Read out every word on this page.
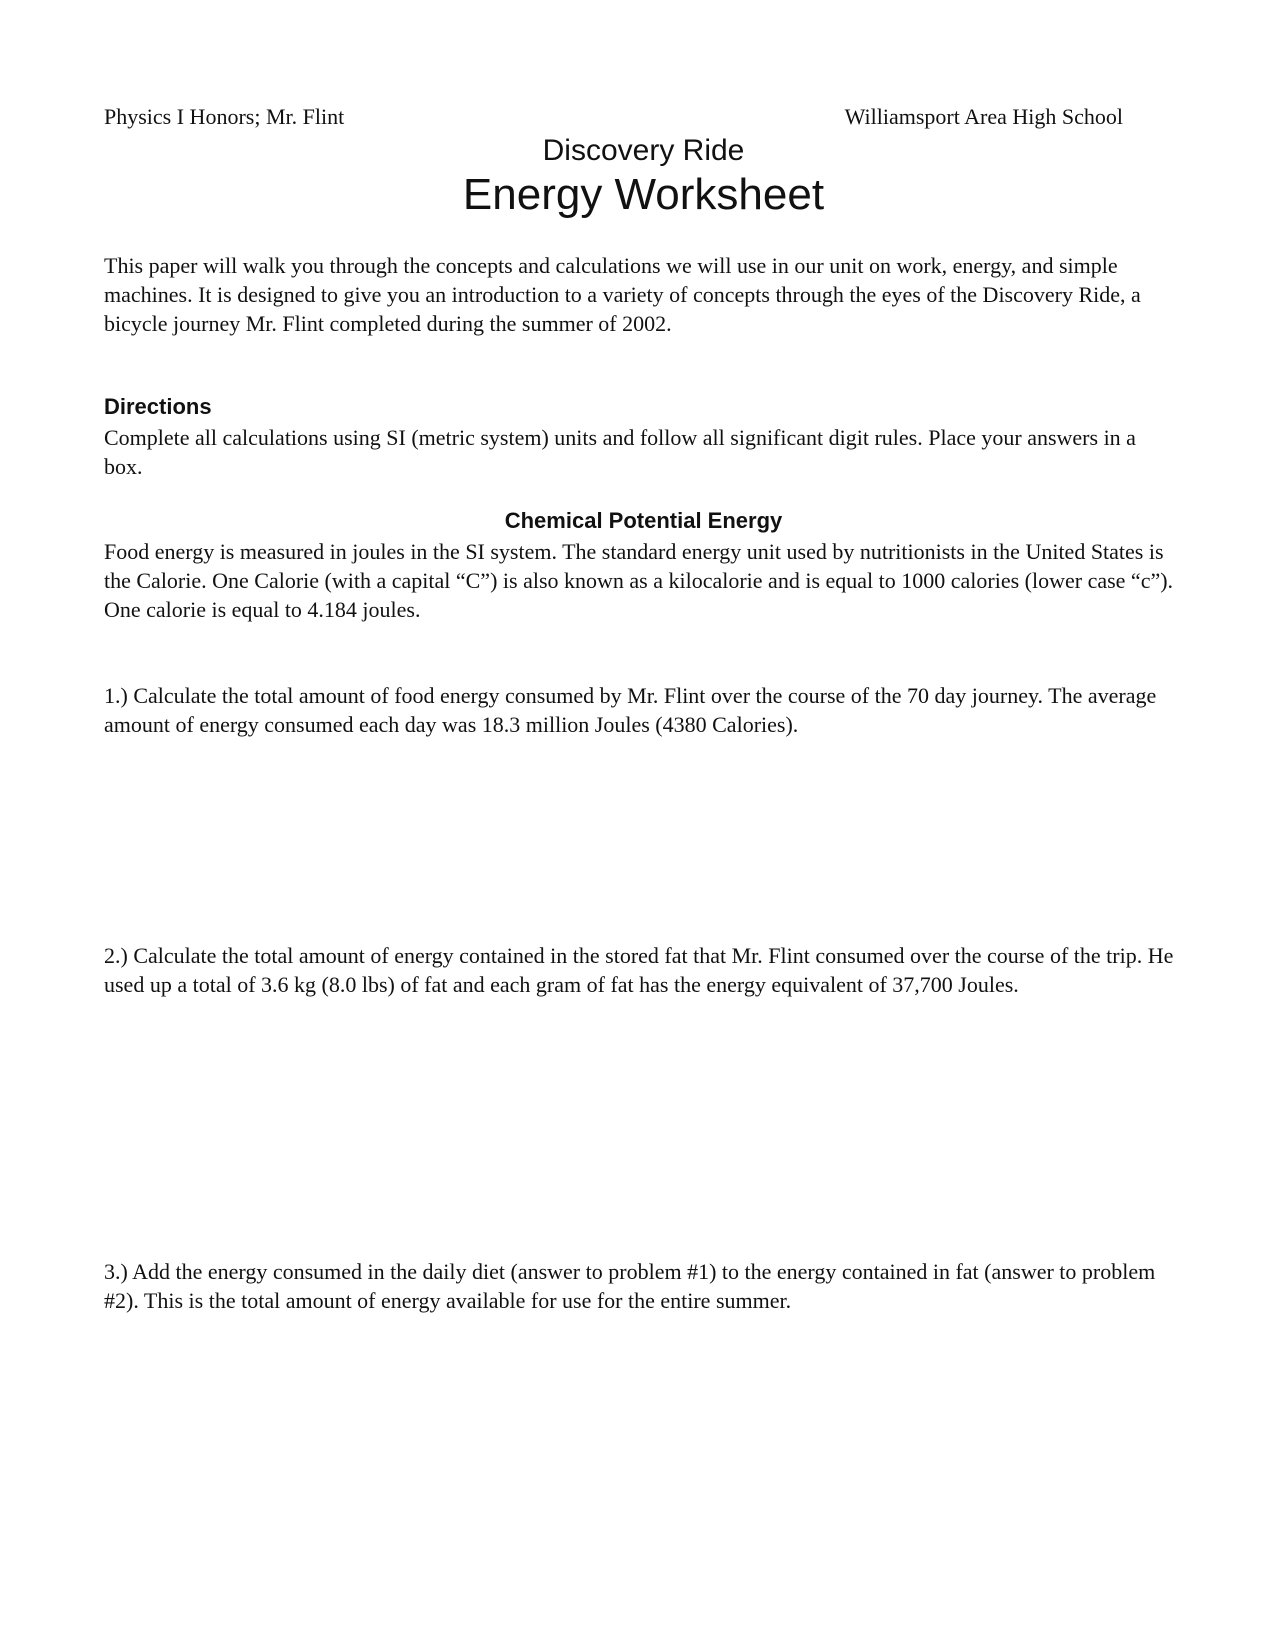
Physics I Honors; Mr. Flint	Williamsport Area High School
Discovery Ride
Energy Worksheet
This paper will walk you through the concepts and calculations we will use in our unit on work, energy, and simple machines. It is designed to give you an introduction to a variety of concepts through the eyes of the Discovery Ride, a bicycle journey Mr. Flint completed during the summer of 2002.
Directions
Complete all calculations using SI (metric system) units and follow all significant digit rules. Place your answers in a box.
Chemical Potential Energy
Food energy is measured in joules in the SI system. The standard energy unit used by nutritionists in the United States is the Calorie. One Calorie (with a capital “C”) is also known as a kilocalorie and is equal to 1000 calories (lower case “c”). One calorie is equal to 4.184 joules.
1.) Calculate the total amount of food energy consumed by Mr. Flint over the course of the 70 day journey. The average amount of energy consumed each day was 18.3 million Joules (4380 Calories).
2.) Calculate the total amount of energy contained in the stored fat that Mr. Flint consumed over the course of the trip. He used up a total of 3.6 kg (8.0 lbs) of fat and each gram of fat has the energy equivalent of 37,700 Joules.
3.) Add the energy consumed in the daily diet (answer to problem #1) to the energy contained in fat (answer to problem #2). This is the total amount of energy available for use for the entire summer.
